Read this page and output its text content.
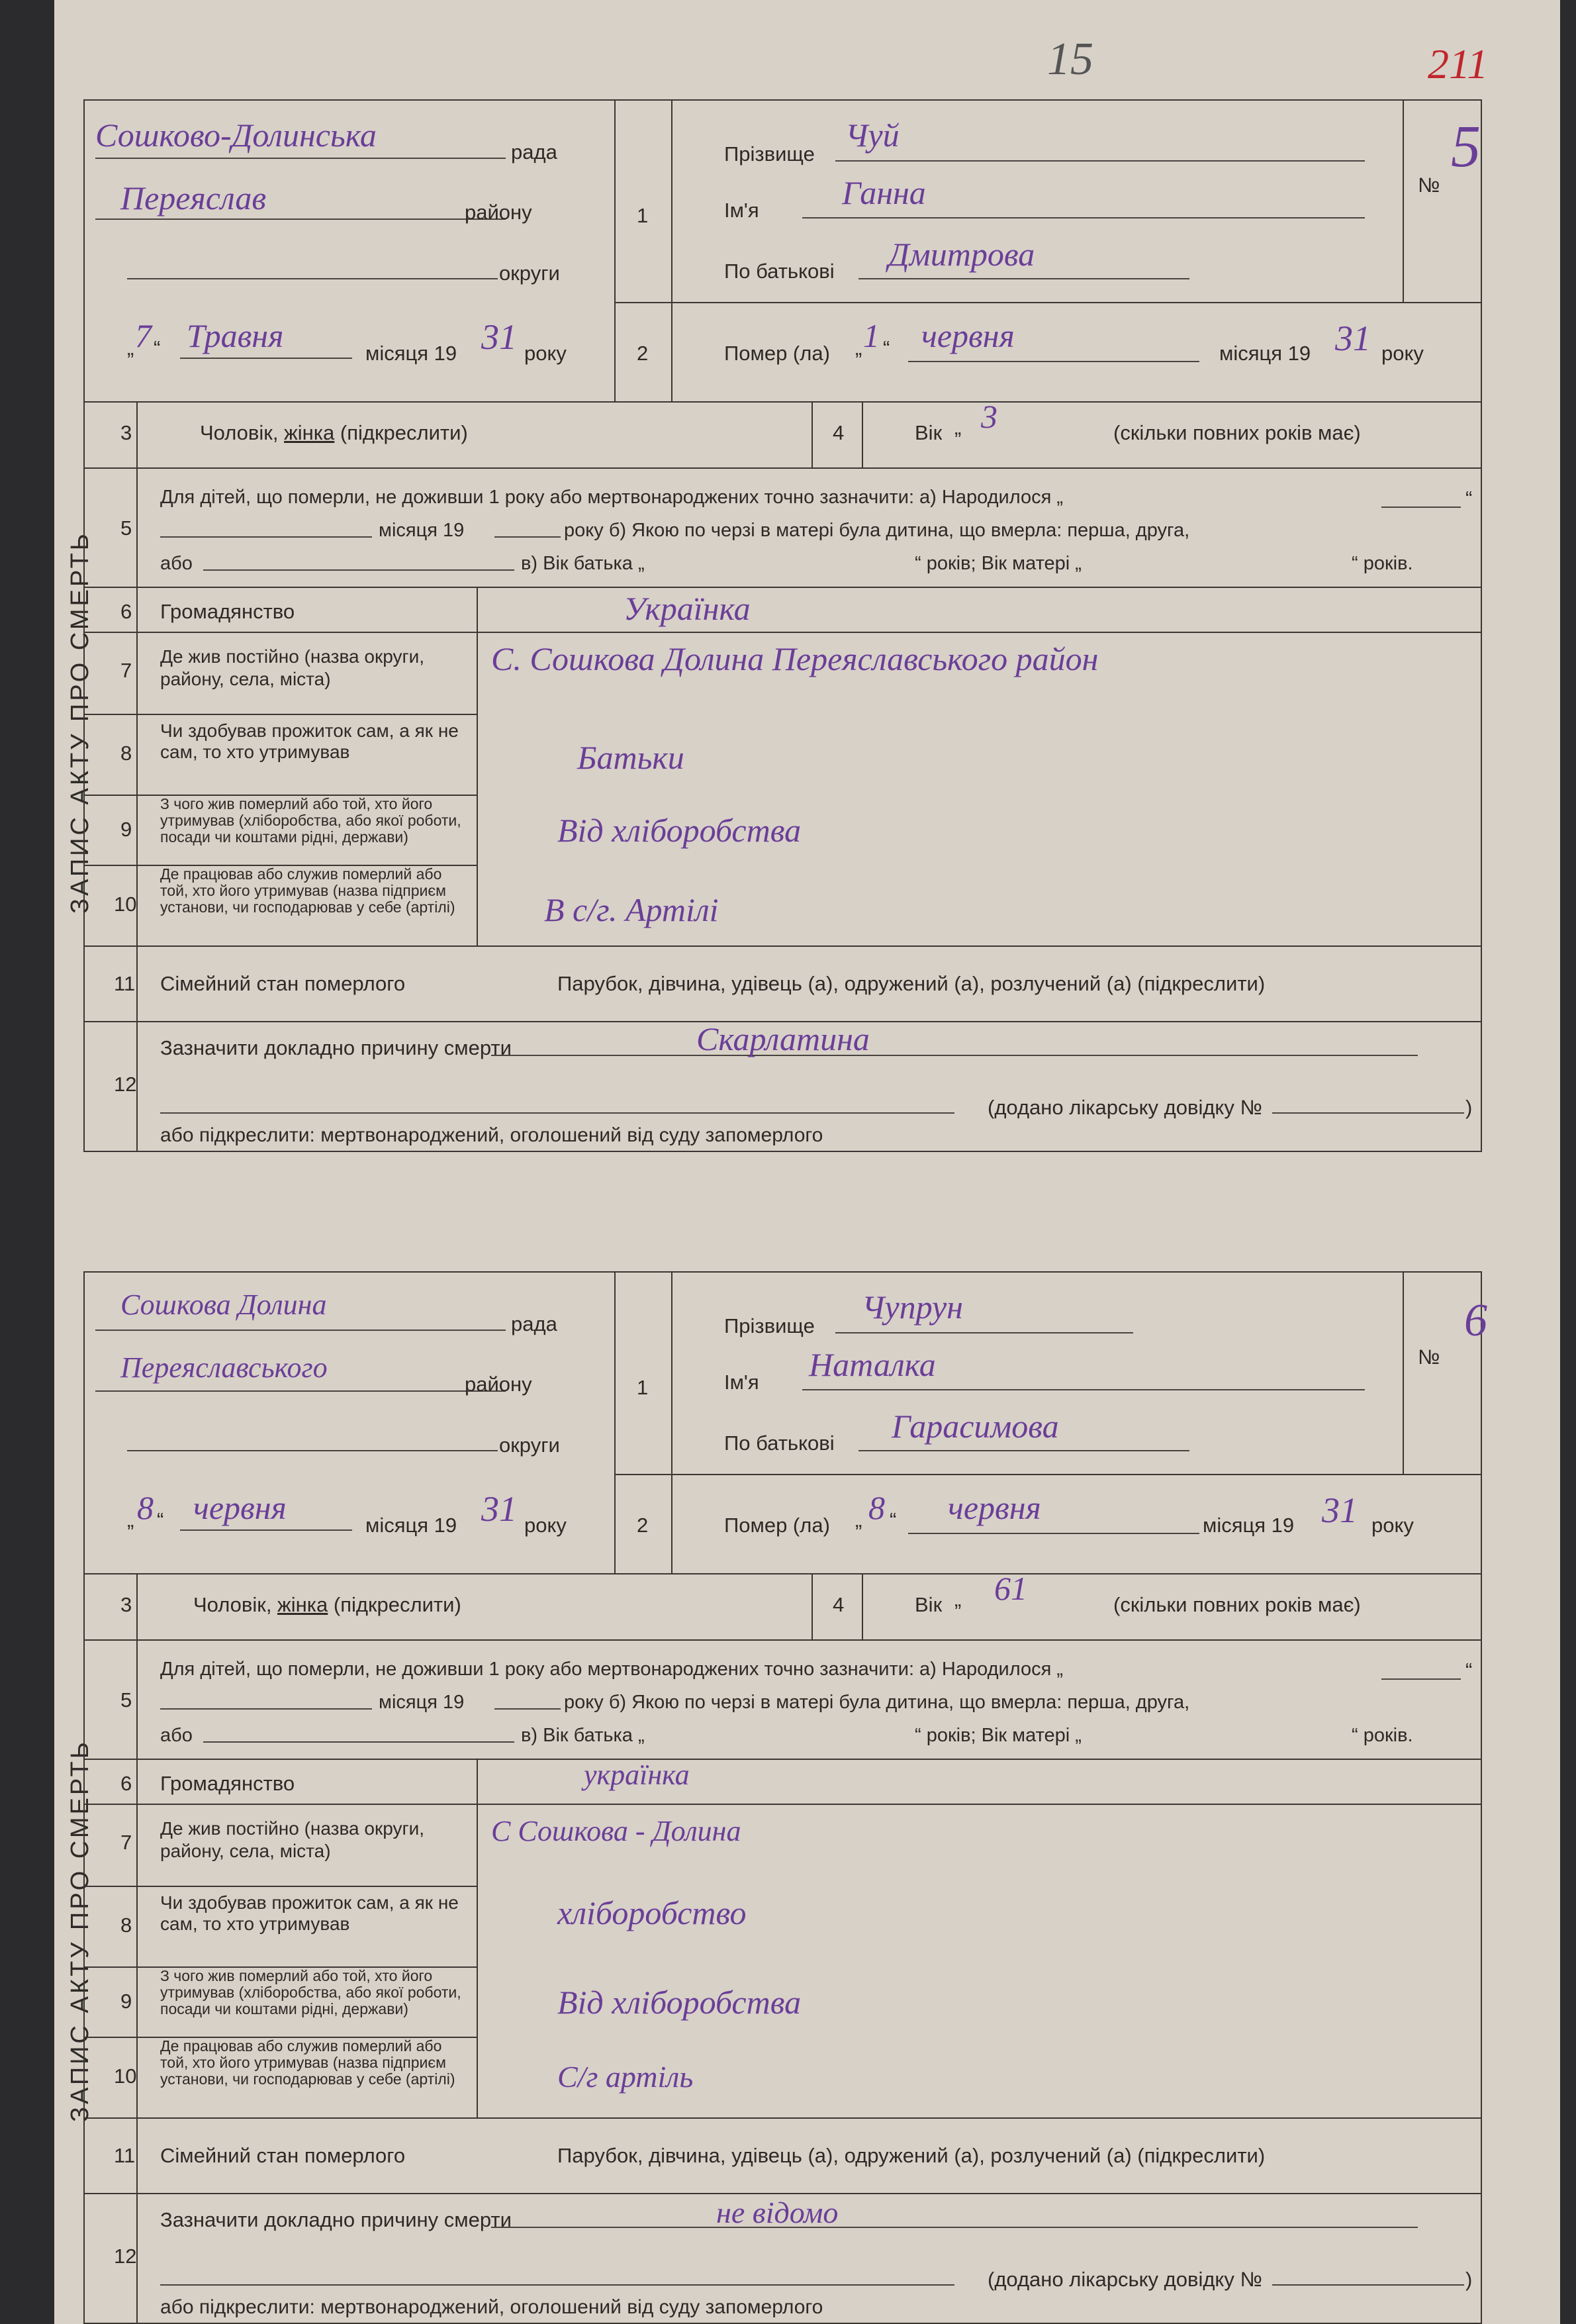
211
15
ЗАПИС АКТУ ПРО СМЕРТЬ
ЗАПИС АКТУ ПРО СМЕРТЬ
Сошково-Долинська	рада
Переяслав	району
округи
„ 7 “ Травня	місяця 19 31 року
1
2
Прізвище
Чуй
Ім'я	Ганна
По батькові Дмитрова
№
5
Помер (ла) „ 1 “ червня	місяця 19 31 року
3	Чоловік, жінка (підкреслити)	4	Вік „ 3	(скільки повних років має)
5
Для дітей, що померли, не доживши 1 року або мертвонароджених точно зазначити: а) Народилося „	“
місяця 19	року б) Якою по черзі в матері була дитина, що вмерла: перша, друга,
або	в) Вік батька „	“ років; Вік матері „	“ років.
6 Громадянство	Українка
7
Де жив постійно (назва округи, району, села, міста)
С. Сошкова Долина Переяславського район
8
Чи здобував прожиток сам, а як не сам, то хто утримував	Батьки
9
З чого жив померлий або той, хто його утримував (хліборобства, або якої роботи, посади чи коштами рідні, держави)	Від хліборобства
10
Де працював або служив померлий або той, хто його утримував (назва підприєм установи, чи господарював у себе (артілі)	В с/г. Артілі
11 Сімейний стан померлого	Парубок, дівчина, удівець (а), одружений (а), розлучений (а) (підкреслити)
12
Зазначити докладно причину смерти	Скарлатина
(додано лікарську довідку №	)
або підкреслити: мертвонароджений, оголошений від суду запомерлого
Сошкова Долина
рада
Переяславського
району
округи
„ 8 “ червня	місяця 19 31 року
1
2
Прізвище
Чупрун
Ім'я Наталка
По батькові Гарасимова
№
6
Помер (ла) „ 8 “ червня	місяця 19 31 року
3	Чоловік, жінка (підкреслити)	4	Вік „ 61	(скільки повних років має)
5
Для дітей, що померли, не доживши 1 року або мертвонароджених точно зазначити: а) Народилося „	“
місяця 19	року б) Якою по черзі в матері була дитина, що вмерла: перша, друга,
або	в) Вік батька „	“ років; Вік матері „	“ років.
6 Громадянство	українка
7
Де жив постійно (назва округи, району, села, міста)
С Сошкова - Долина
8
Чи здобував прожиток сам, а як не сам, то хто утримував	хліборобство
9
З чого жив померлий або той, хто його утримував (хліборобства, або якої роботи, посади чи коштами рідні, держави)	Від хліборобства
10
Де працював або служив померлий або той, хто його утримував (назва підприєм установи, чи господарював у себе (артілі)	С/г артіль
11 Сімейний стан померлого	Парубок, дівчина, удівець (а), одружений (а), розлучений (а) (підкреслити)
12
Зазначити докладно причину смерти	не відомо
(додано лікарську довідку №	)
або підкреслити: мертвонароджений, оголошений від суду запомерлого
